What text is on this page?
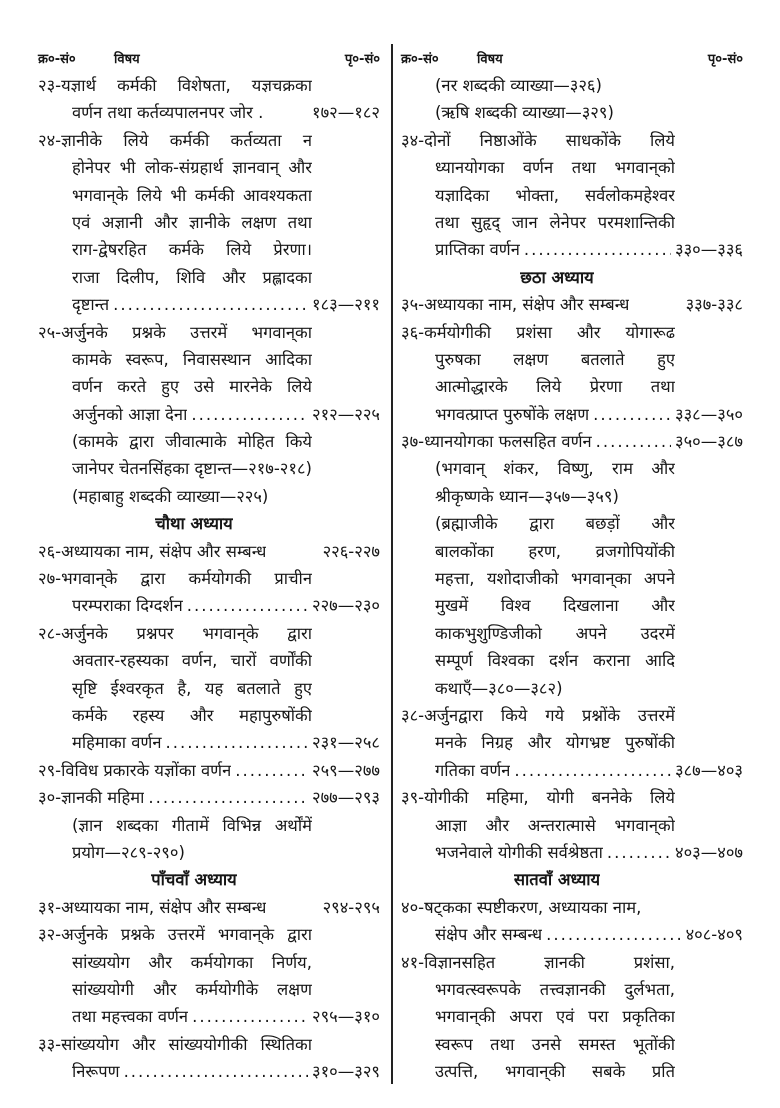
क्र०-सं०	विषय	पृ०-सं०
२३-यज्ञार्थ कर्मकी विशेषता, यज्ञचक्रका
वर्णन तथा कर्तव्यपालनपर जोर .	१७२—१८२
२४-ज्ञानीके लिये कर्मकी कर्तव्यता न
होनेपर भी लोक-संग्रहार्थ ज्ञानवान् और
भगवान्‌के लिये भी कर्मकी आवश्यकता
एवं अज्ञानी और ज्ञानीके लक्षण तथा
राग-द्वेषरहित कर्मके लिये प्रेरणा।
राजा दिलीप, शिवि और प्रह्लादका
दृष्टान्त .....	१८३—२११
२५-अर्जुनके प्रश्नके उत्तरमें भगवान्‌का
कामके स्वरूप, निवासस्थान आदिका
वर्णन करते हुए उसे मारनेके लिये
अर्जुनको आज्ञा देना .....	२१२—२२५
(कामके द्वारा जीवात्माके मोहित किये
जानेपर चेतनसिंहका दृष्टान्त—२१७-२१८)
(महाबाहु शब्दकी व्याख्या—२२५)
चौथा अध्याय
२६-अध्यायका नाम, संक्षेप और सम्बन्ध	२२६-२२७
२७-भगवान्‌के द्वारा कर्मयोगकी प्राचीन
परम्पराका दिग्दर्शन .....	२२७—२३०
२८-अर्जुनके प्रश्नपर भगवान्‌के द्वारा
अवतार-रहस्यका वर्णन, चारों वर्णोंकी
सृष्टि ईश्वरकृत है, यह बतलाते हुए
कर्मके रहस्य और महापुरुषोंकी
महिमाका वर्णन .....	२३१—२५८
२९-विविध प्रकारके यज्ञोंका वर्णन .....	२५९—२७७
३०-ज्ञानकी महिमा .....	२७७—२९३
(ज्ञान शब्दका गीतामें विभिन्न अर्थोंमें
प्रयोग—२८९-२९०)
पाँचवाँ अध्याय
३१-अध्यायका नाम, संक्षेप और सम्बन्ध	२९४-२९५
३२-अर्जुनके प्रश्नके उत्तरमें भगवान्‌के द्वारा
सांख्ययोग और कर्मयोगका निर्णय,
सांख्ययोगी और कर्मयोगीके लक्षण
तथा महत्त्वका वर्णन .....	२९५—३१०
३३-सांख्ययोग और सांख्ययोगीकी स्थितिका
निरूपण .....	३१०—३२९
क्र०-सं०	विषय	पृ०-सं०
(नर शब्दकी व्याख्या—३२६)
(ऋषि शब्दकी व्याख्या—३२९)
३४-दोनों निष्ठाओंके साधकोंके लिये
ध्यानयोगका वर्णन तथा भगवान्‌को
यज्ञादिका भोक्ता, सर्वलोकमहेश्वर
तथा सुहृद् जान लेनेपर परमशान्तिकी
प्राप्तिका वर्णन .....	३३०—३३६
छठा अध्याय
३५-अध्यायका नाम, संक्षेप और सम्बन्ध	३३७-३३८
३६-कर्मयोगीकी प्रशंसा और योगारूढ
पुरुषका लक्षण बतलाते हुए
आत्मोद्धारके लिये प्रेरणा तथा
भगवत्प्राप्त पुरुषोंके लक्षण .....	३३८—३५०
३७-ध्यानयोगका फलसहित वर्णन .....	३५०—३८७
(भगवान् शंकर, विष्णु, राम और
श्रीकृष्णके ध्यान—३५७—३५९)
(ब्रह्माजीके द्वारा बछड़ों और
बालकोंका हरण, व्रजगोपियोंकी
महत्ता, यशोदाजीको भगवान्‌का अपने
मुखमें विश्व दिखलाना और
काकभुशुण्डिजीको अपने उदरमें
सम्पूर्ण विश्वका दर्शन कराना आदि
कथाएँ—३८०—३८२)
३८-अर्जुनद्वारा किये गये प्रश्नोंके उत्तरमें
मनके निग्रह और योगभ्रष्ट पुरुषोंकी
गतिका वर्णन .....	३८७—४०३
३९-योगीकी महिमा, योगी बननेके लिये
आज्ञा और अन्तरात्मासे भगवान्‌को
भजनेवाले योगीकी सर्वश्रेष्ठता .....	४०३—४०७
सातवाँ अध्याय
४०-षट्कका स्पष्टीकरण, अध्यायका नाम,
संक्षेप और सम्बन्ध .....	४०८-४०९
४१-विज्ञानसहित ज्ञानकी प्रशंसा,
भगवत्स्वरूपके तत्त्वज्ञानकी दुर्लभता,
भगवान्‌की अपरा एवं परा प्रकृतिका
स्वरूप तथा उनसे समस्त भूतोंकी
उत्पत्ति, भगवान्‌की सबके प्रति
